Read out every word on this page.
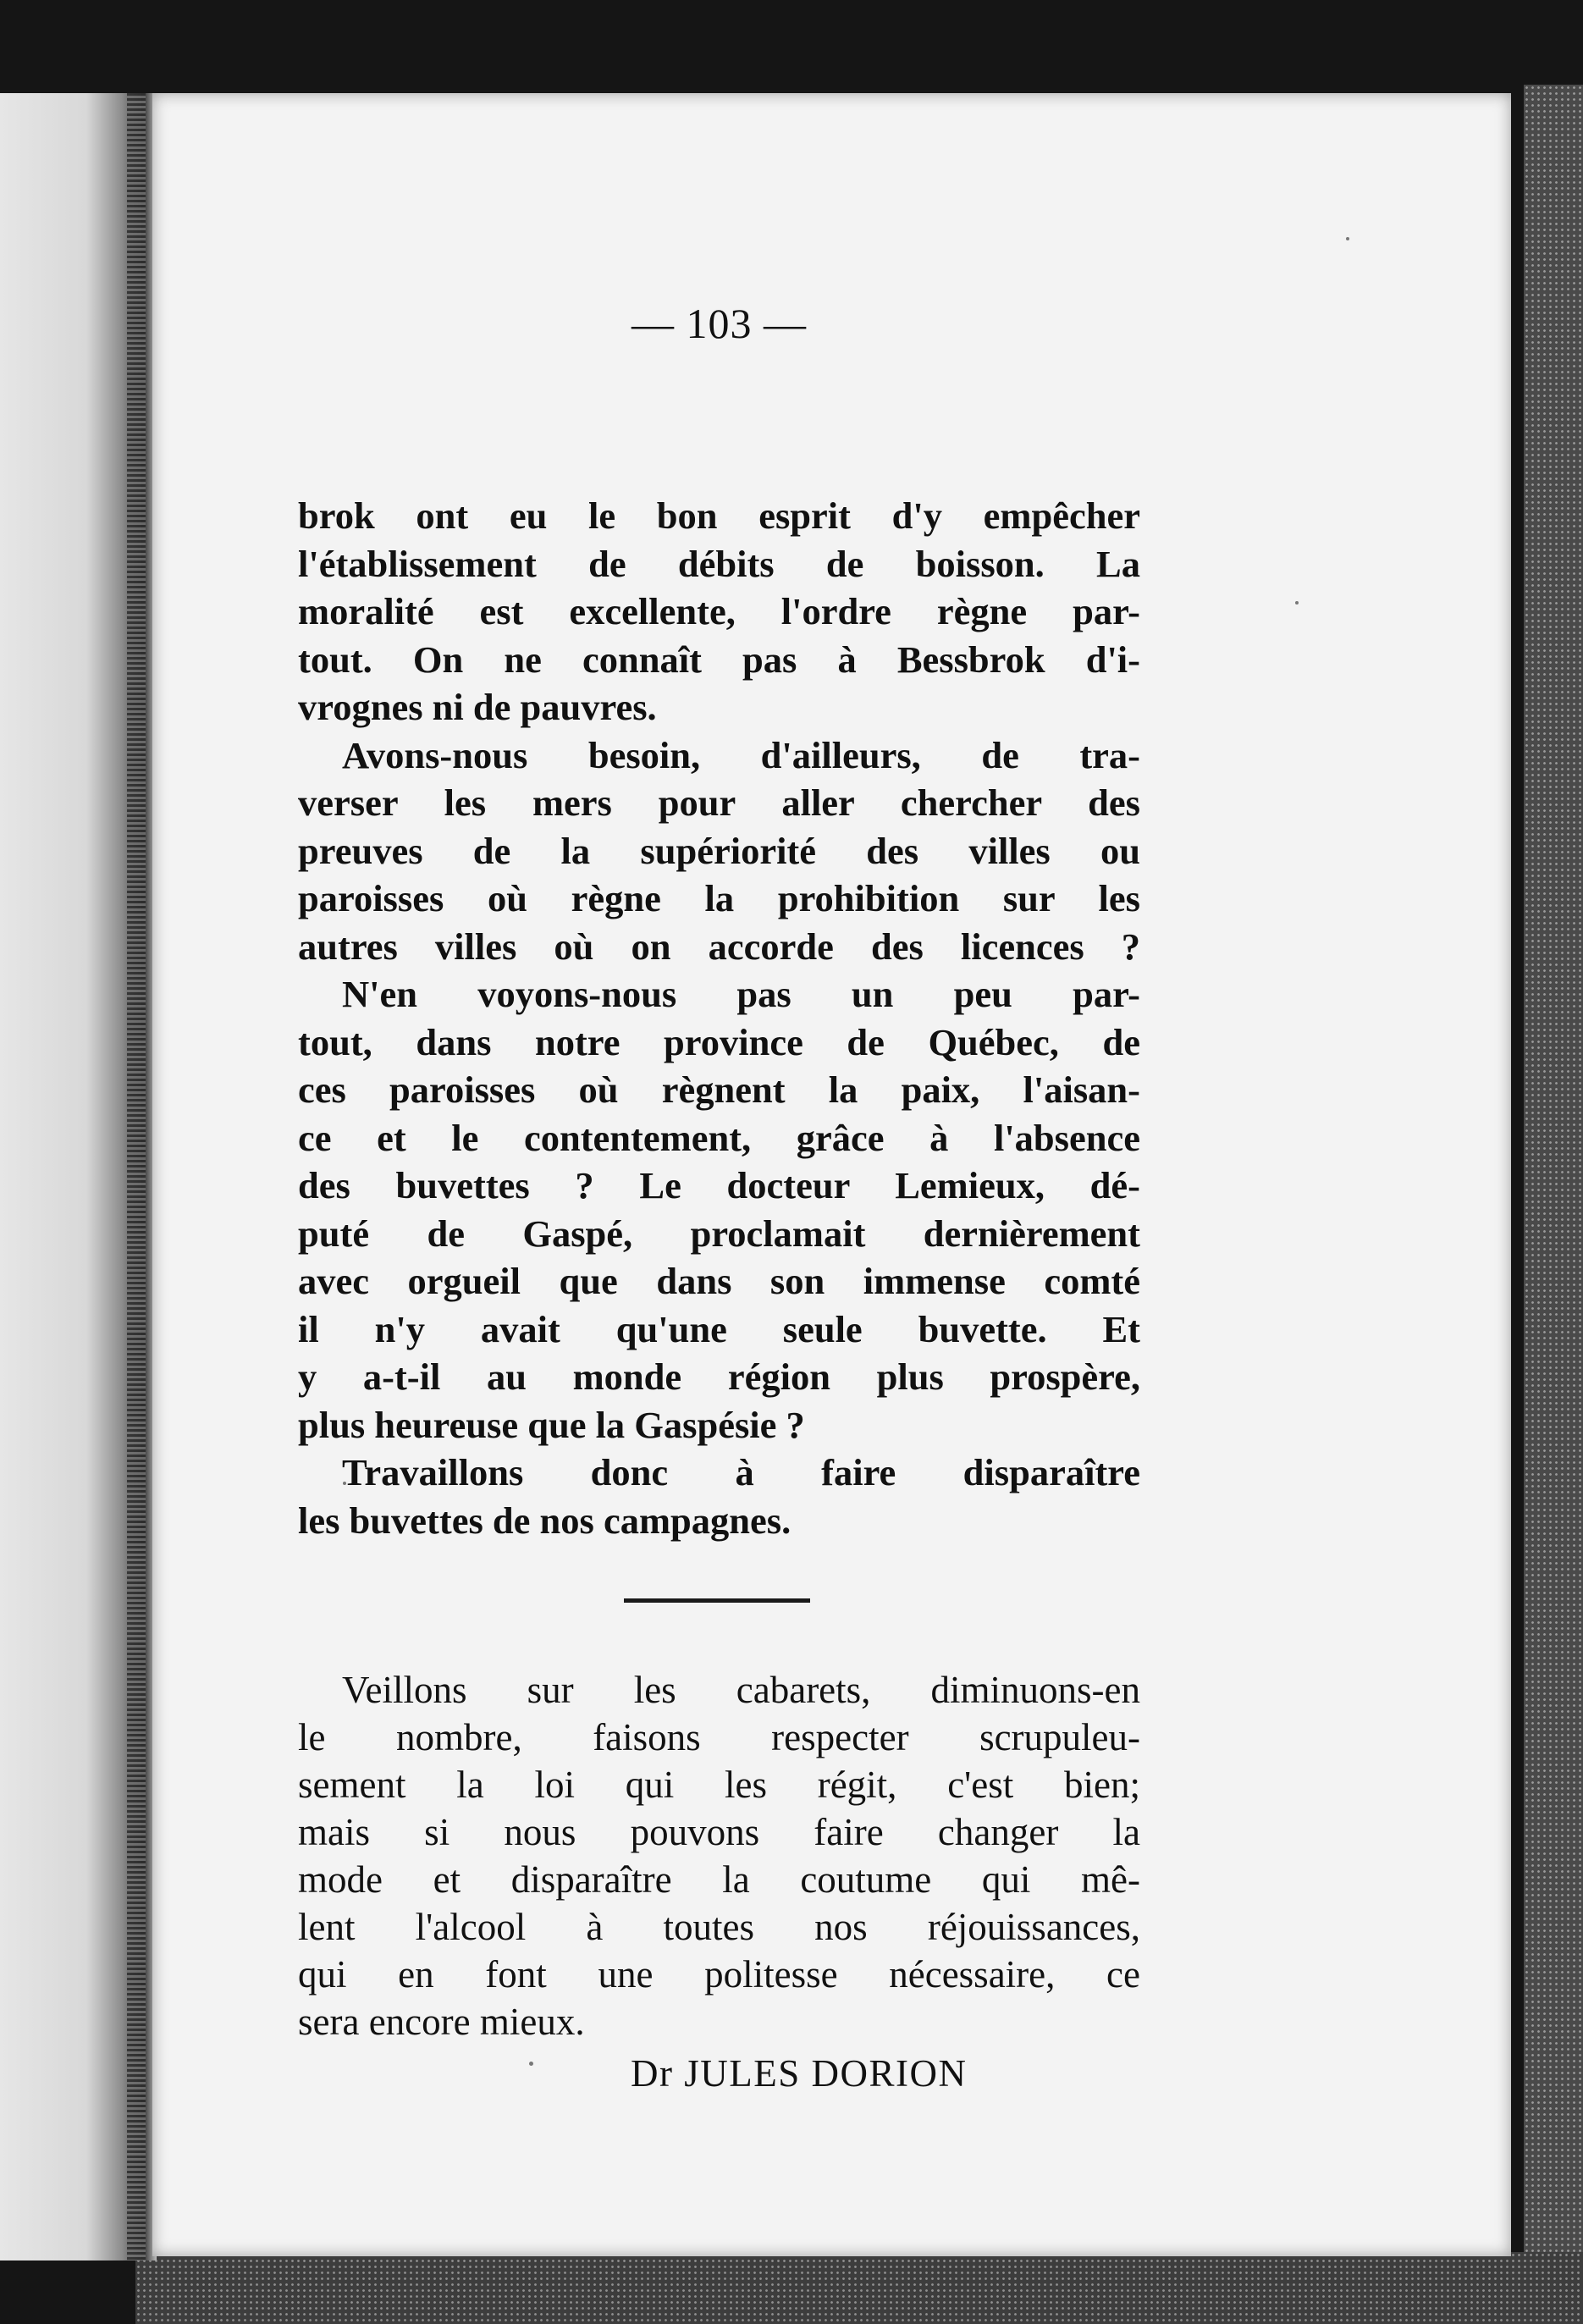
— 103 —

brok ont eu le bon esprit d'y empêcher
l'établissement de débits de boisson. La
moralité est excellente, l'ordre règne par-
tout. On ne connaît pas à Bessbrok d'i-
vrognes ni de pauvres.

Avons-nous besoin, d'ailleurs, de tra-
verser les mers pour aller chercher des
preuves de la supériorité des villes ou
paroisses où règne la prohibition sur les
autres villes où on accorde des licences ?

N'en voyons-nous pas un peu par-
tout, dans notre province de Québec, de
ces paroisses où règnent la paix, l'aisan-
ce et le contentement, grâce à l'absence
des buvettes ? Le docteur Lemieux, dé-
puté de Gaspé, proclamait dernièrement
avec orgueil que dans son immense comté
il n'y avait qu'une seule buvette. Et
y a-t-il au monde région plus prospère,
plus heureuse que la Gaspésie ?

Travaillons donc à faire disparaître
les buvettes de nos campagnes.

Veillons sur les cabarets, diminuons-en
le nombre, faisons respecter scrupuleu-
sement la loi qui les régit, c'est bien;
mais si nous pouvons faire changer la
mode et disparaître la coutume qui mê-
lent l'alcool à toutes nos réjouissances,
qui en font une politesse nécessaire, ce
sera encore mieux.

Dr JULES DORION
